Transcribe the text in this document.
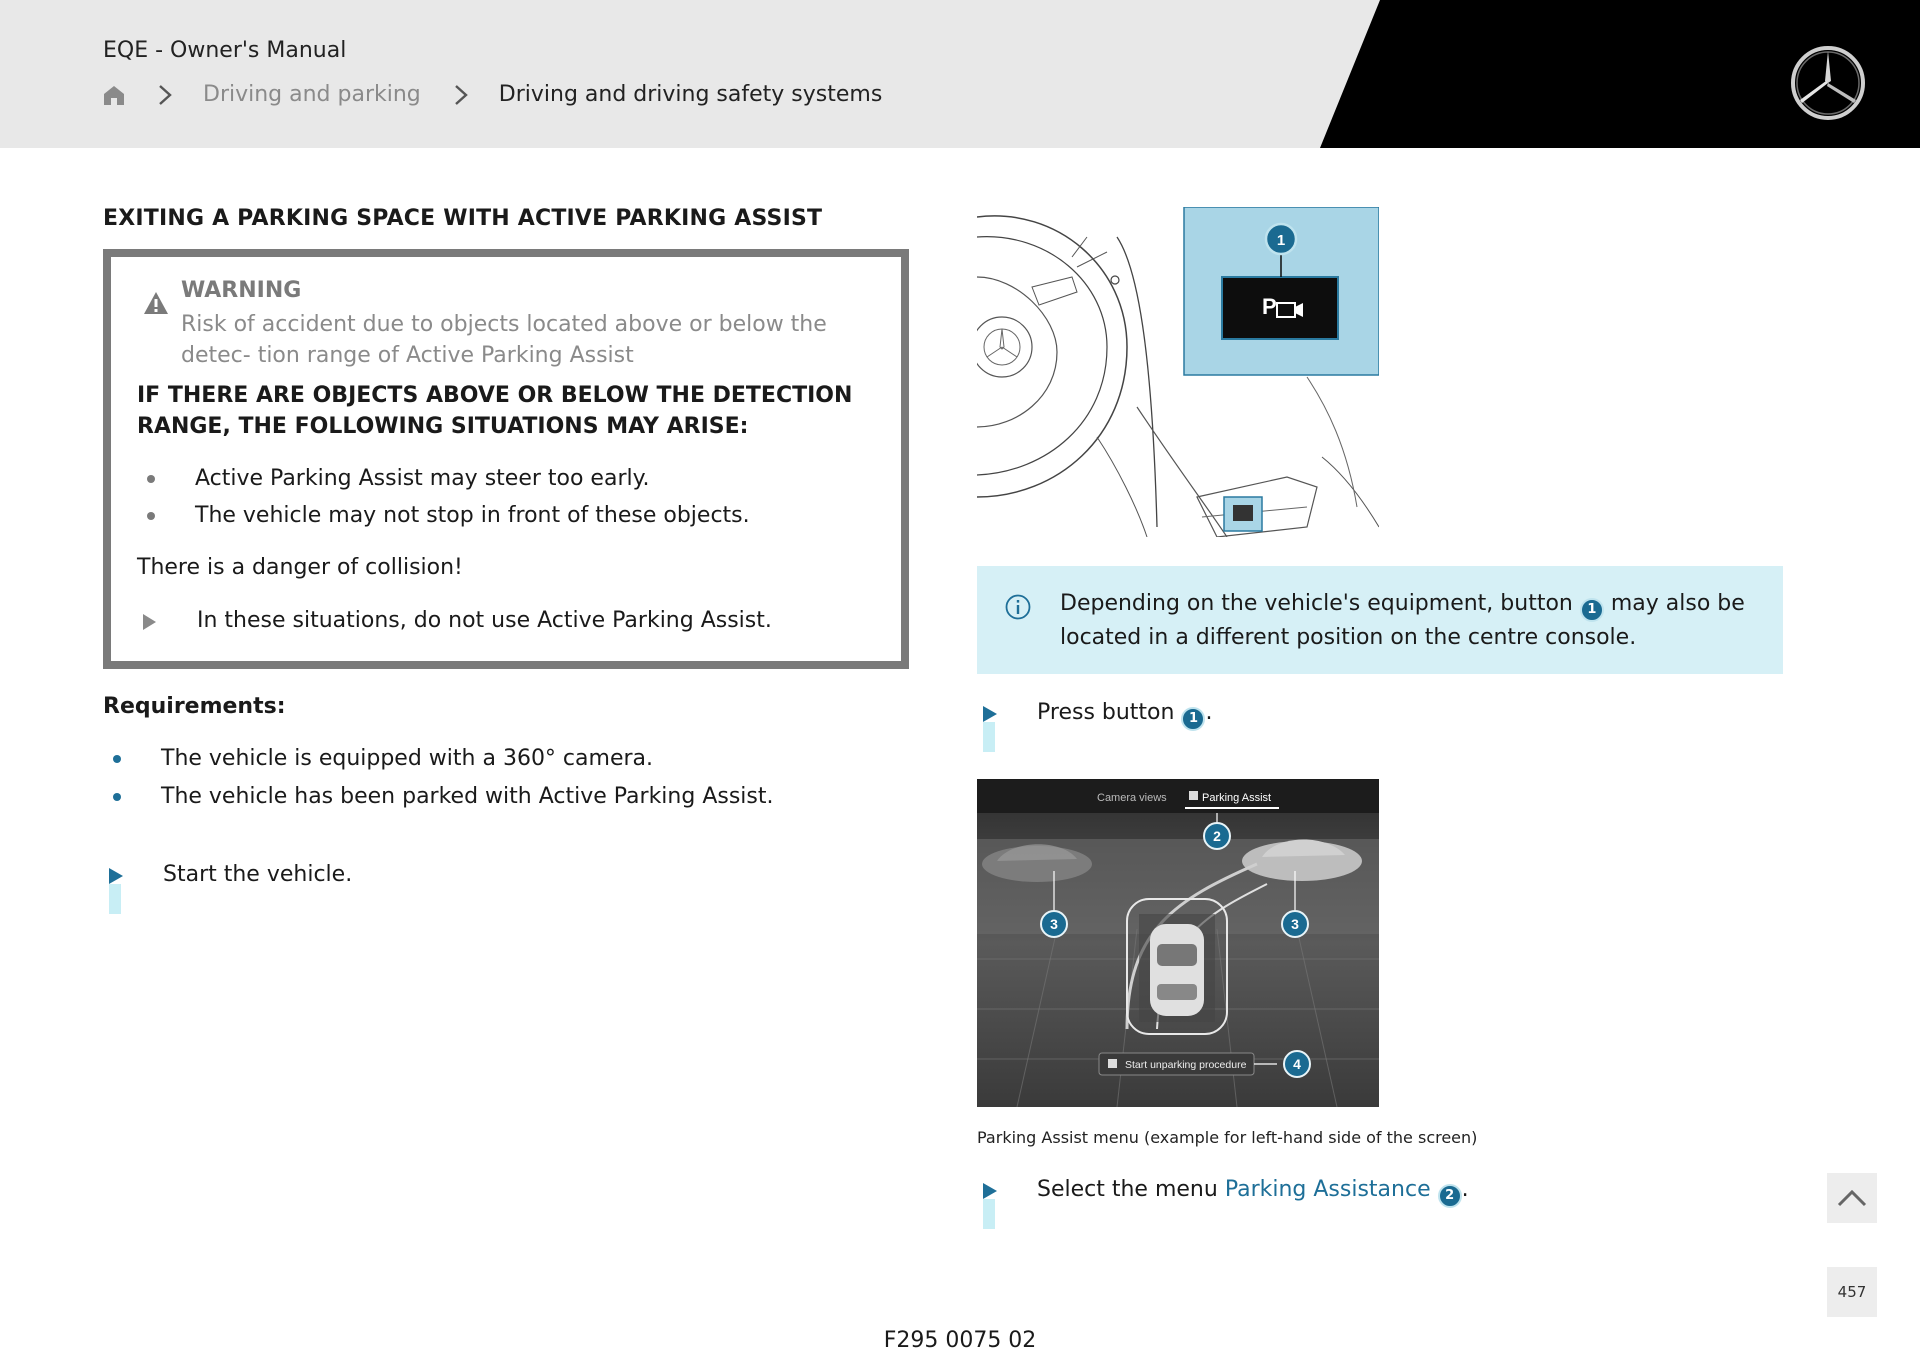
EQE - Owner's Manual
Driving and parking	Driving and driving safety systems
EXITING A PARKING SPACE WITH ACTIVE PARKING ASSIST
WARNING
Risk of accident due to objects located above or below the detec- tion range of Active Parking Assist
IF THERE ARE OBJECTS ABOVE OR BELOW THE DETECTION RANGE, THE FOLLOWING SITUATIONS MAY ARISE:
Active Parking Assist may steer too early.
The vehicle may not stop in front of these objects.
There is a danger of collision!
In these situations, do not use Active Parking Assist.
Requirements:
The vehicle is equipped with a 360° camera.
The vehicle has been parked with Active Parking Assist.
Start the vehicle.
P
1
Depending on the vehicle's equipment, button 1 may also be located in a different position on the centre console.
Press button 1 .
Camera views	Parking Assist
2
3	3
Start unparking procedure	4
Parking Assist menu (example for left-hand side of the screen)
Select the menu Parking Assistance 2 .
F295 0075 02
457
